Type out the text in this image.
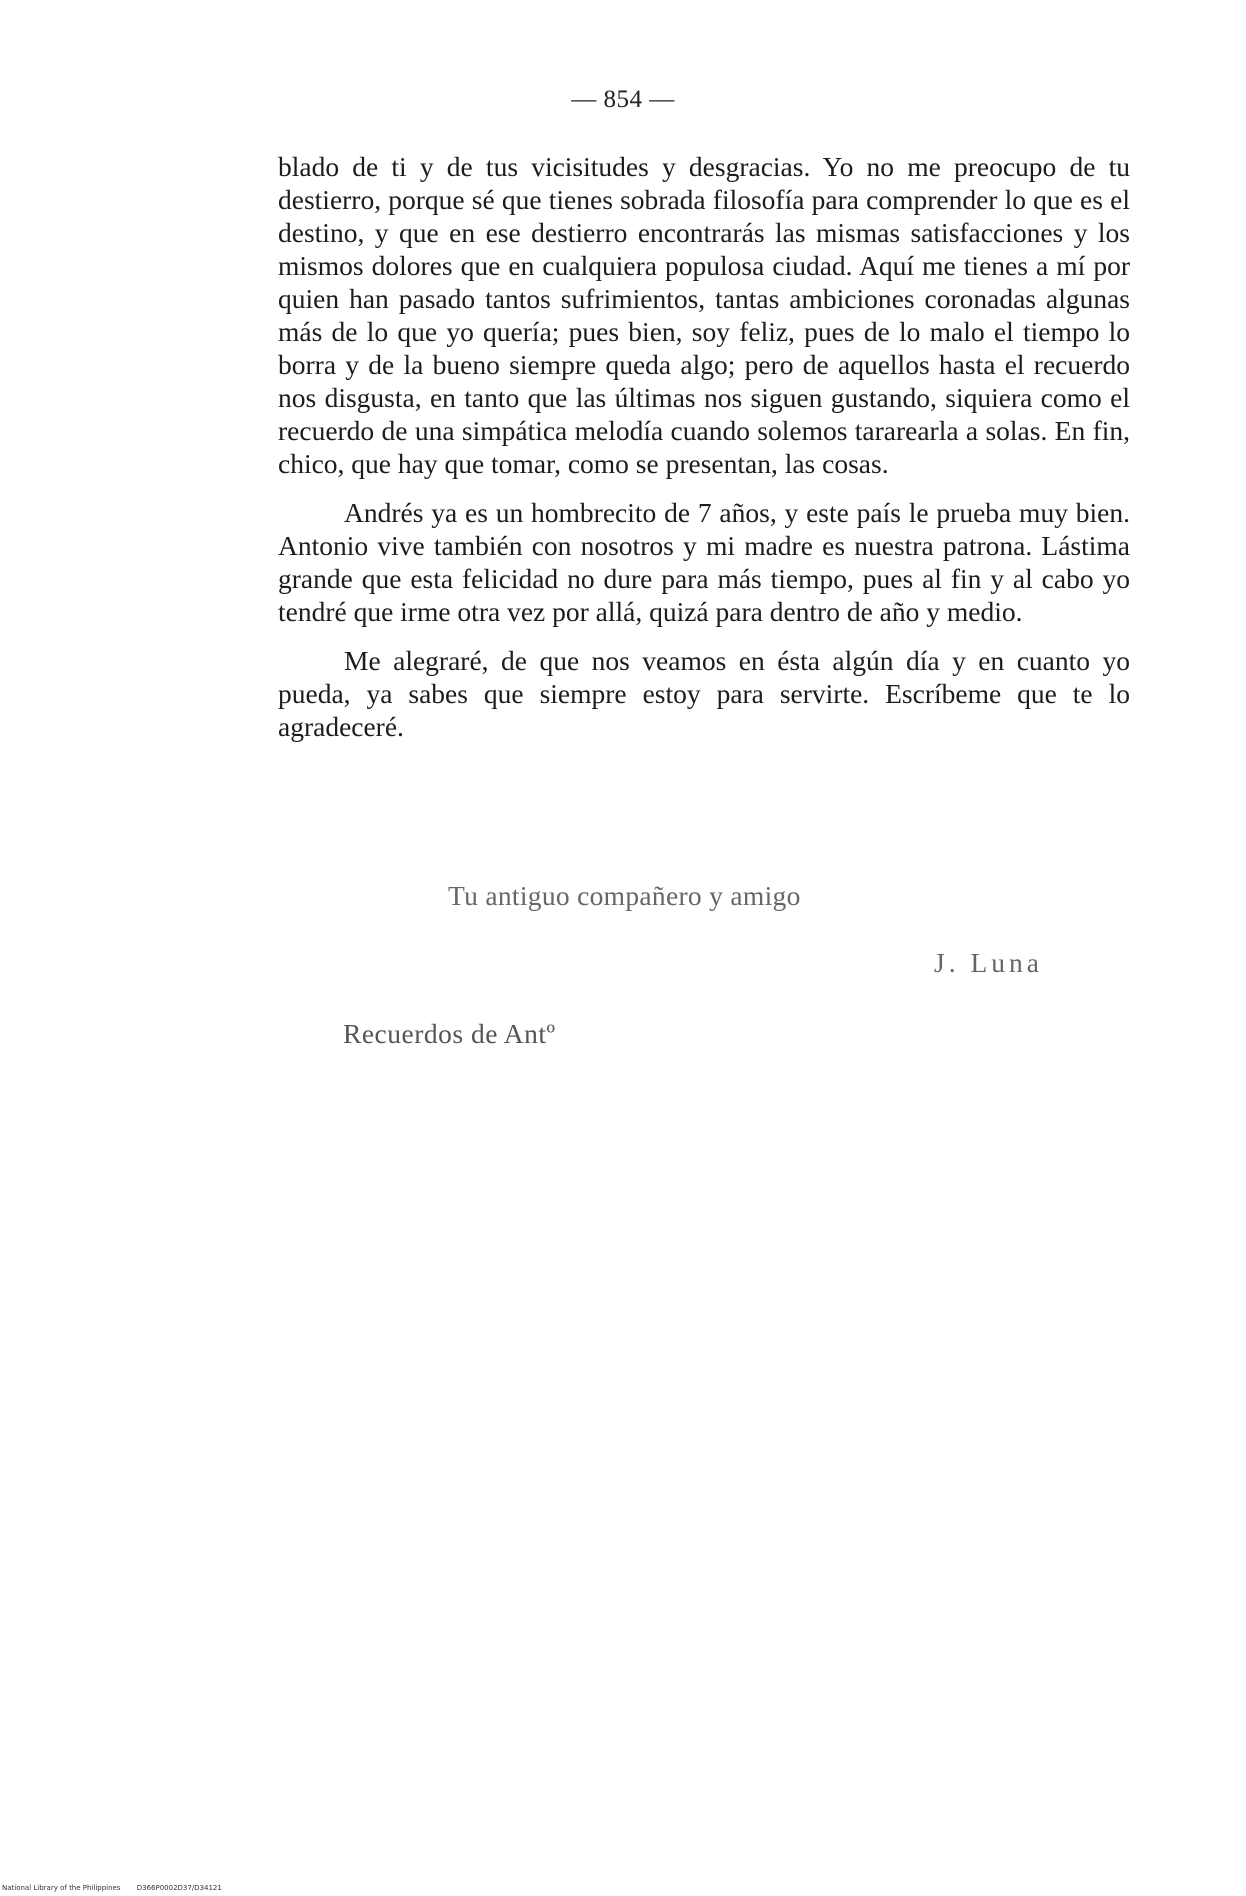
— 854 —

blado de ti y de tus vicisitudes y desgracias. Yo no me preocupo de tu destierro, porque sé que tienes sobrada filosofía para comprender lo que es el destino, y que en ese destierro encontrarás las mismas satisfacciones y los mismos dolores que en cualquiera populosa ciudad. Aquí me tienes a mí por quien han pasado tantos sufrimientos, tantas ambiciones coronadas algunas más de lo que yo quería; pues bien, soy feliz, pues de lo malo el tiempo lo borra y de la bueno siempre queda algo; pero de aquellos hasta el recuerdo nos disgusta, en tanto que las últimas nos siguen gustando, siquiera como el recuerdo de una simpática melodía cuando solemos tararearla a solas. En fin, chico, que hay que tomar, como se presentan, las cosas.

Andrés ya es un hombrecito de 7 años, y este país le prueba muy bien. Antonio vive también con nosotros y mi madre es nuestra patrona. Lástima grande que esta felicidad no dure para más tiempo, pues al fin y al cabo yo tendré que irme otra vez por allá, quizá para dentro de año y medio.

Me alegraré, de que nos veamos en ésta algún día y en cuanto yo pueda, ya sabes que siempre estoy para servirte. Escríbeme que te lo agradeceré.

Tu antiguo compañero y amigo
J. Luna
Recuerdos de Antº
National Library of the Philippines D366P0002D37/D34121
